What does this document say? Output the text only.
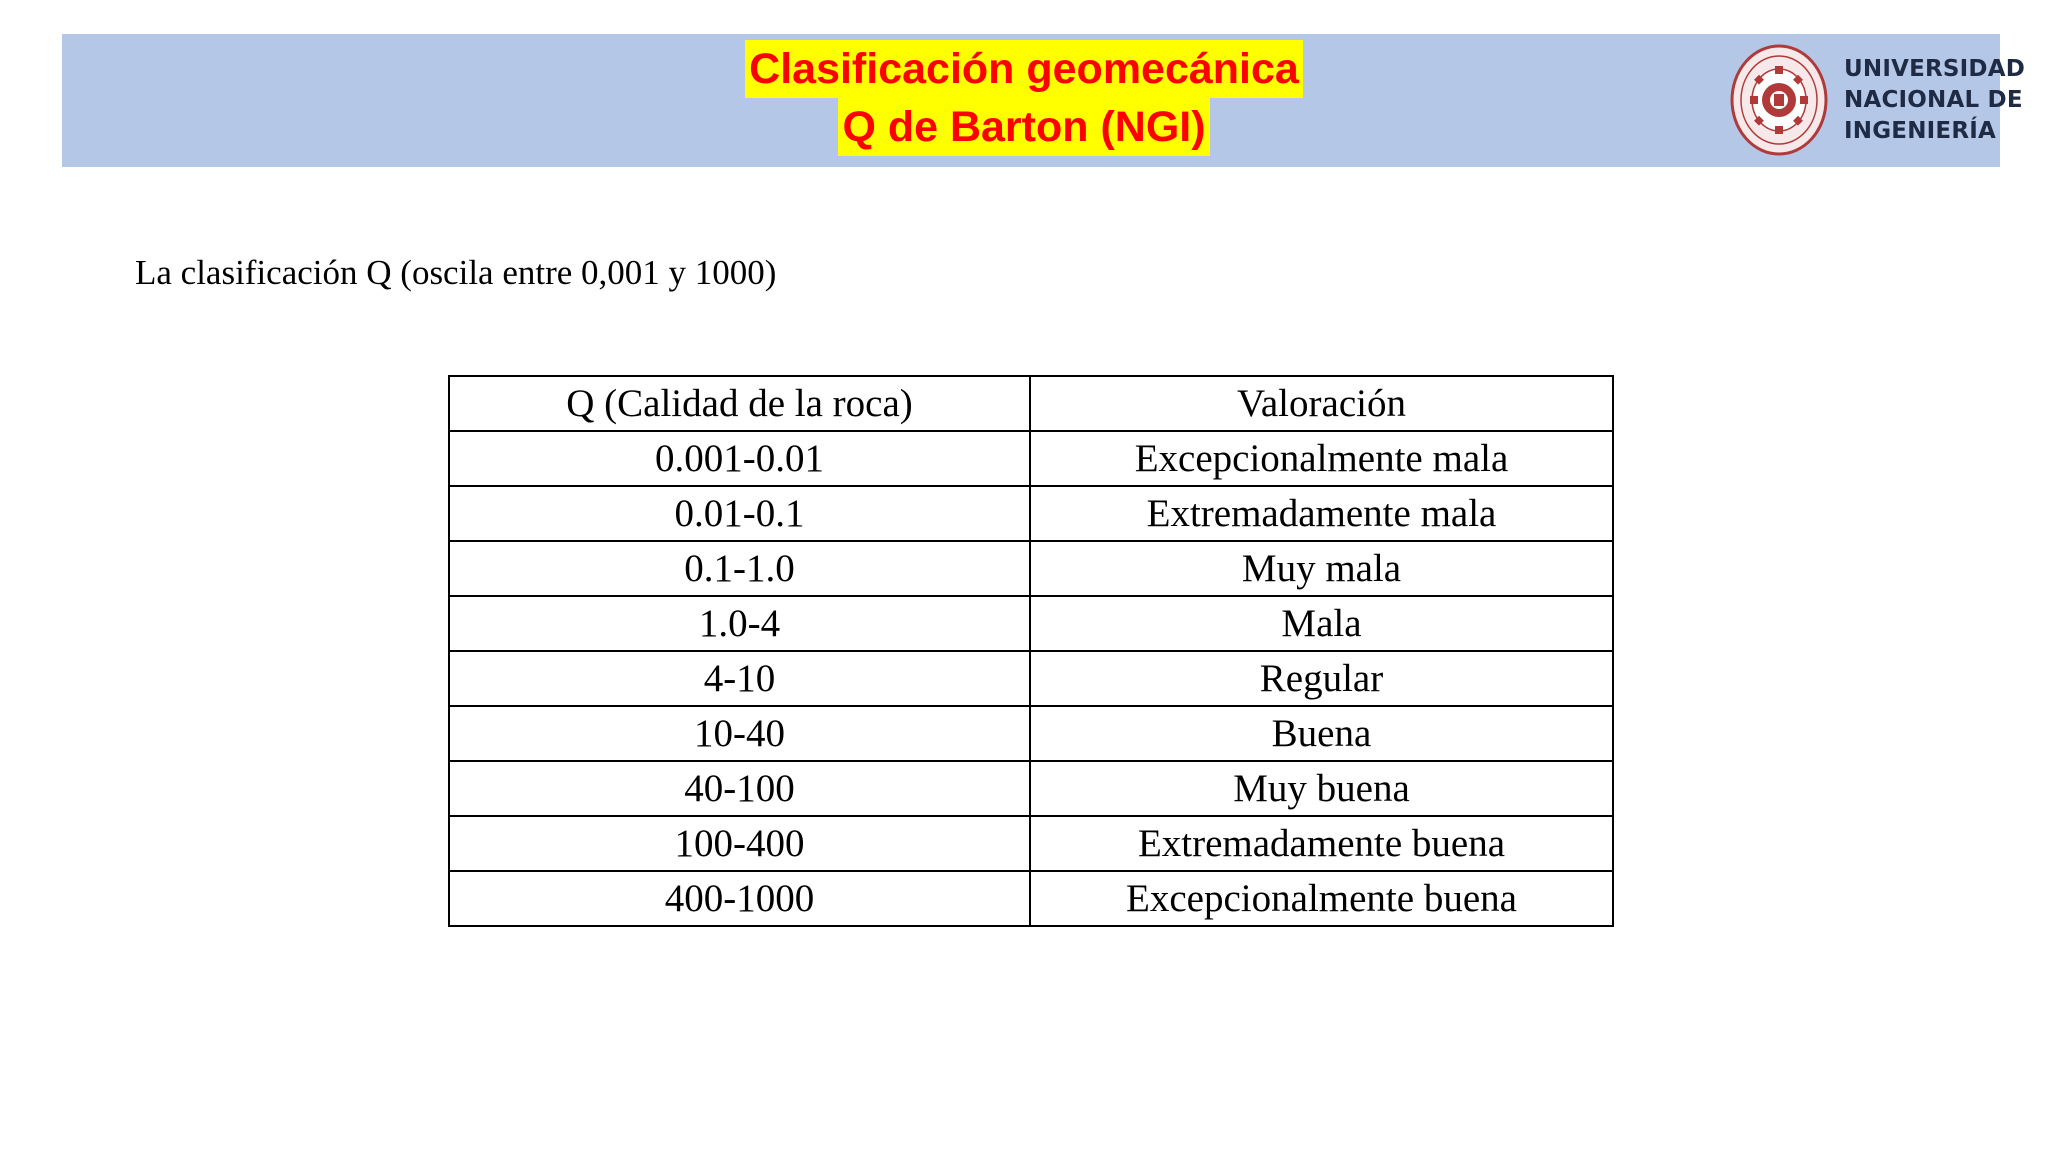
Clasificación geomecánica
Q de Barton (NGI)
UNIVERSIDAD
NACIONAL DE
INGENIERÍA
La clasificación Q (oscila entre 0,001 y 1000)
Q (Calidad de la roca)	Valoración
0.001-0.01	Excepcionalmente mala
0.01-0.1	Extremadamente mala
0.1-1.0	Muy mala
1.0-4	Mala
4-10	Regular
10-40	Buena
40-100	Muy buena
100-400	Extremadamente buena
400-1000	Excepcionalmente buena
